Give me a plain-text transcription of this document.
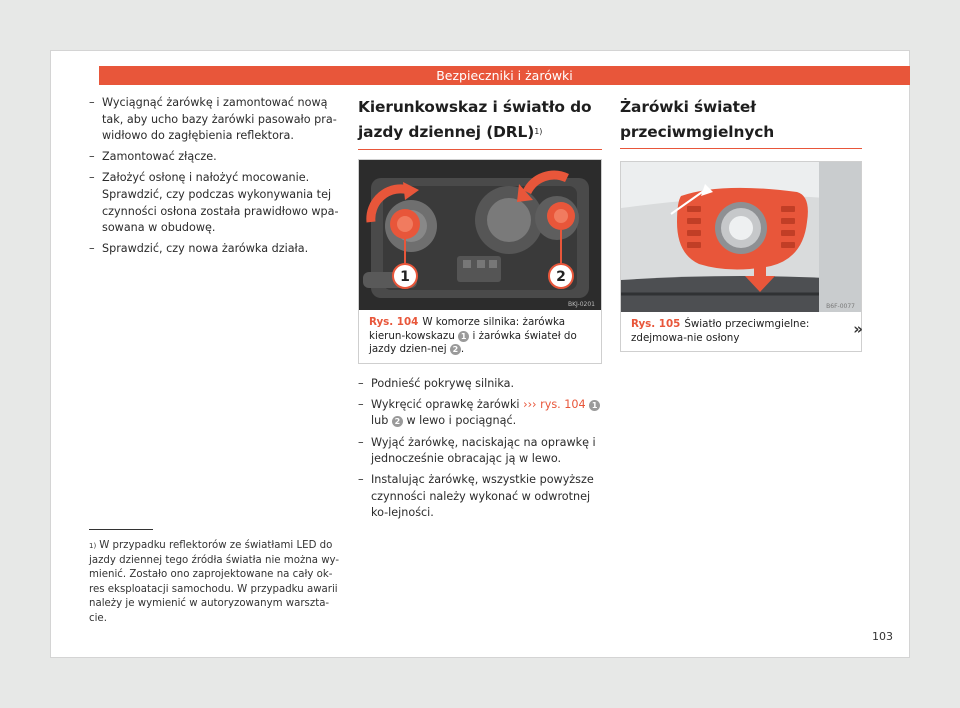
Bezpieczniki i żarówki
– Wyciągnąć żarówkę i zamontować nową tak, aby ucho bazy żarówki pasowało pra-widłowo do zagłębienia reflektora.
– Zamontować złącze.
– Założyć osłonę i nałożyć mocowanie. Sprawdzić, czy podczas wykonywania tej czynności osłona została prawidłowo wpa-sowana w obudowę.
– Sprawdzić, czy nowa żarówka działa.
$^{1)}$ W przypadku reflektorów ze światłami LED do jazdy dziennej tego źródła światła nie można wy-mienić. Zostało ono zaprojektowane na cały ok-res eksploatacji samochodu. W przypadku awarii należy je wymienić w autoryzowanym warszta-cie.
Kierunkowskaz i światło do jazdy dziennej (DRL)$^{1)}$
1	2
BKJ-0201
Rys. 104 W komorze silnika: żarówka kierun-kowskazu 1 i żarówka świateł do jazdy dzien-nej 2 .
– Podnieść pokrywę silnika.
– Wykręcić oprawkę żarówki ››› rys. 104 1 lub 2 w lewo i pociągnąć.
– Wyjąć żarówkę, naciskając na oprawkę i jednocześnie obracając ją w lewo.
– Instalując żarówkę, wszystkie powyższe czynności należy wykonać w odwrotnej ko-lejności.
Żarówki świateł przeciwmgielnych
B6F-0077
Rys. 105 Światło przeciwmgielne: zdejmowa-nie osłony	»
103
